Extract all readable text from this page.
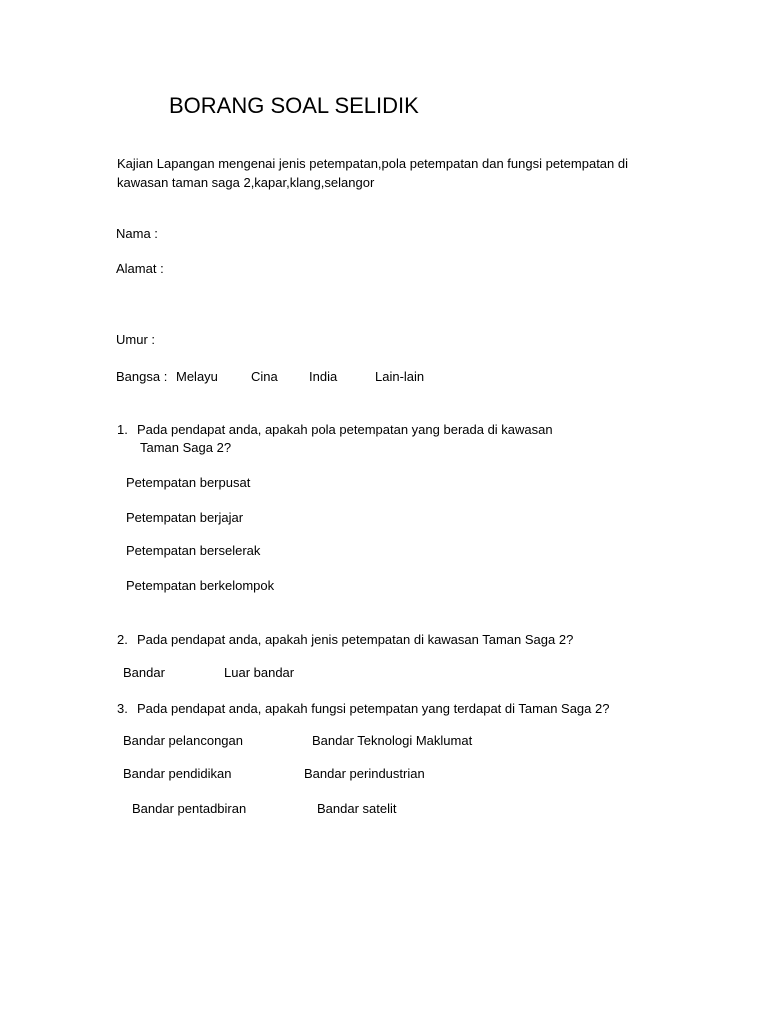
BORANG SOAL SELIDIK
Kajian Lapangan mengenai jenis petempatan,pola petempatan dan fungsi petempatan di kawasan taman saga 2,kapar,klang,selangor
Nama :
Alamat :
Umur :
Bangsa : Melayu	Cina India	Lain-lain
1. Pada pendapat anda, apakah pola petempatan yang berada di kawasan
Taman Saga 2?
Petempatan berpusat
Petempatan berjajar
Petempatan berselerak
Petempatan berkelompok
2. Pada pendapat anda, apakah jenis petempatan di kawasan Taman Saga 2?
Bandar	Luar bandar
3. Pada pendapat anda, apakah fungsi petempatan yang terdapat di Taman Saga 2?
Bandar pelancongan	Bandar Teknologi Maklumat
Bandar pendidikan	Bandar perindustrian
Bandar pentadbiran	Bandar satelit
